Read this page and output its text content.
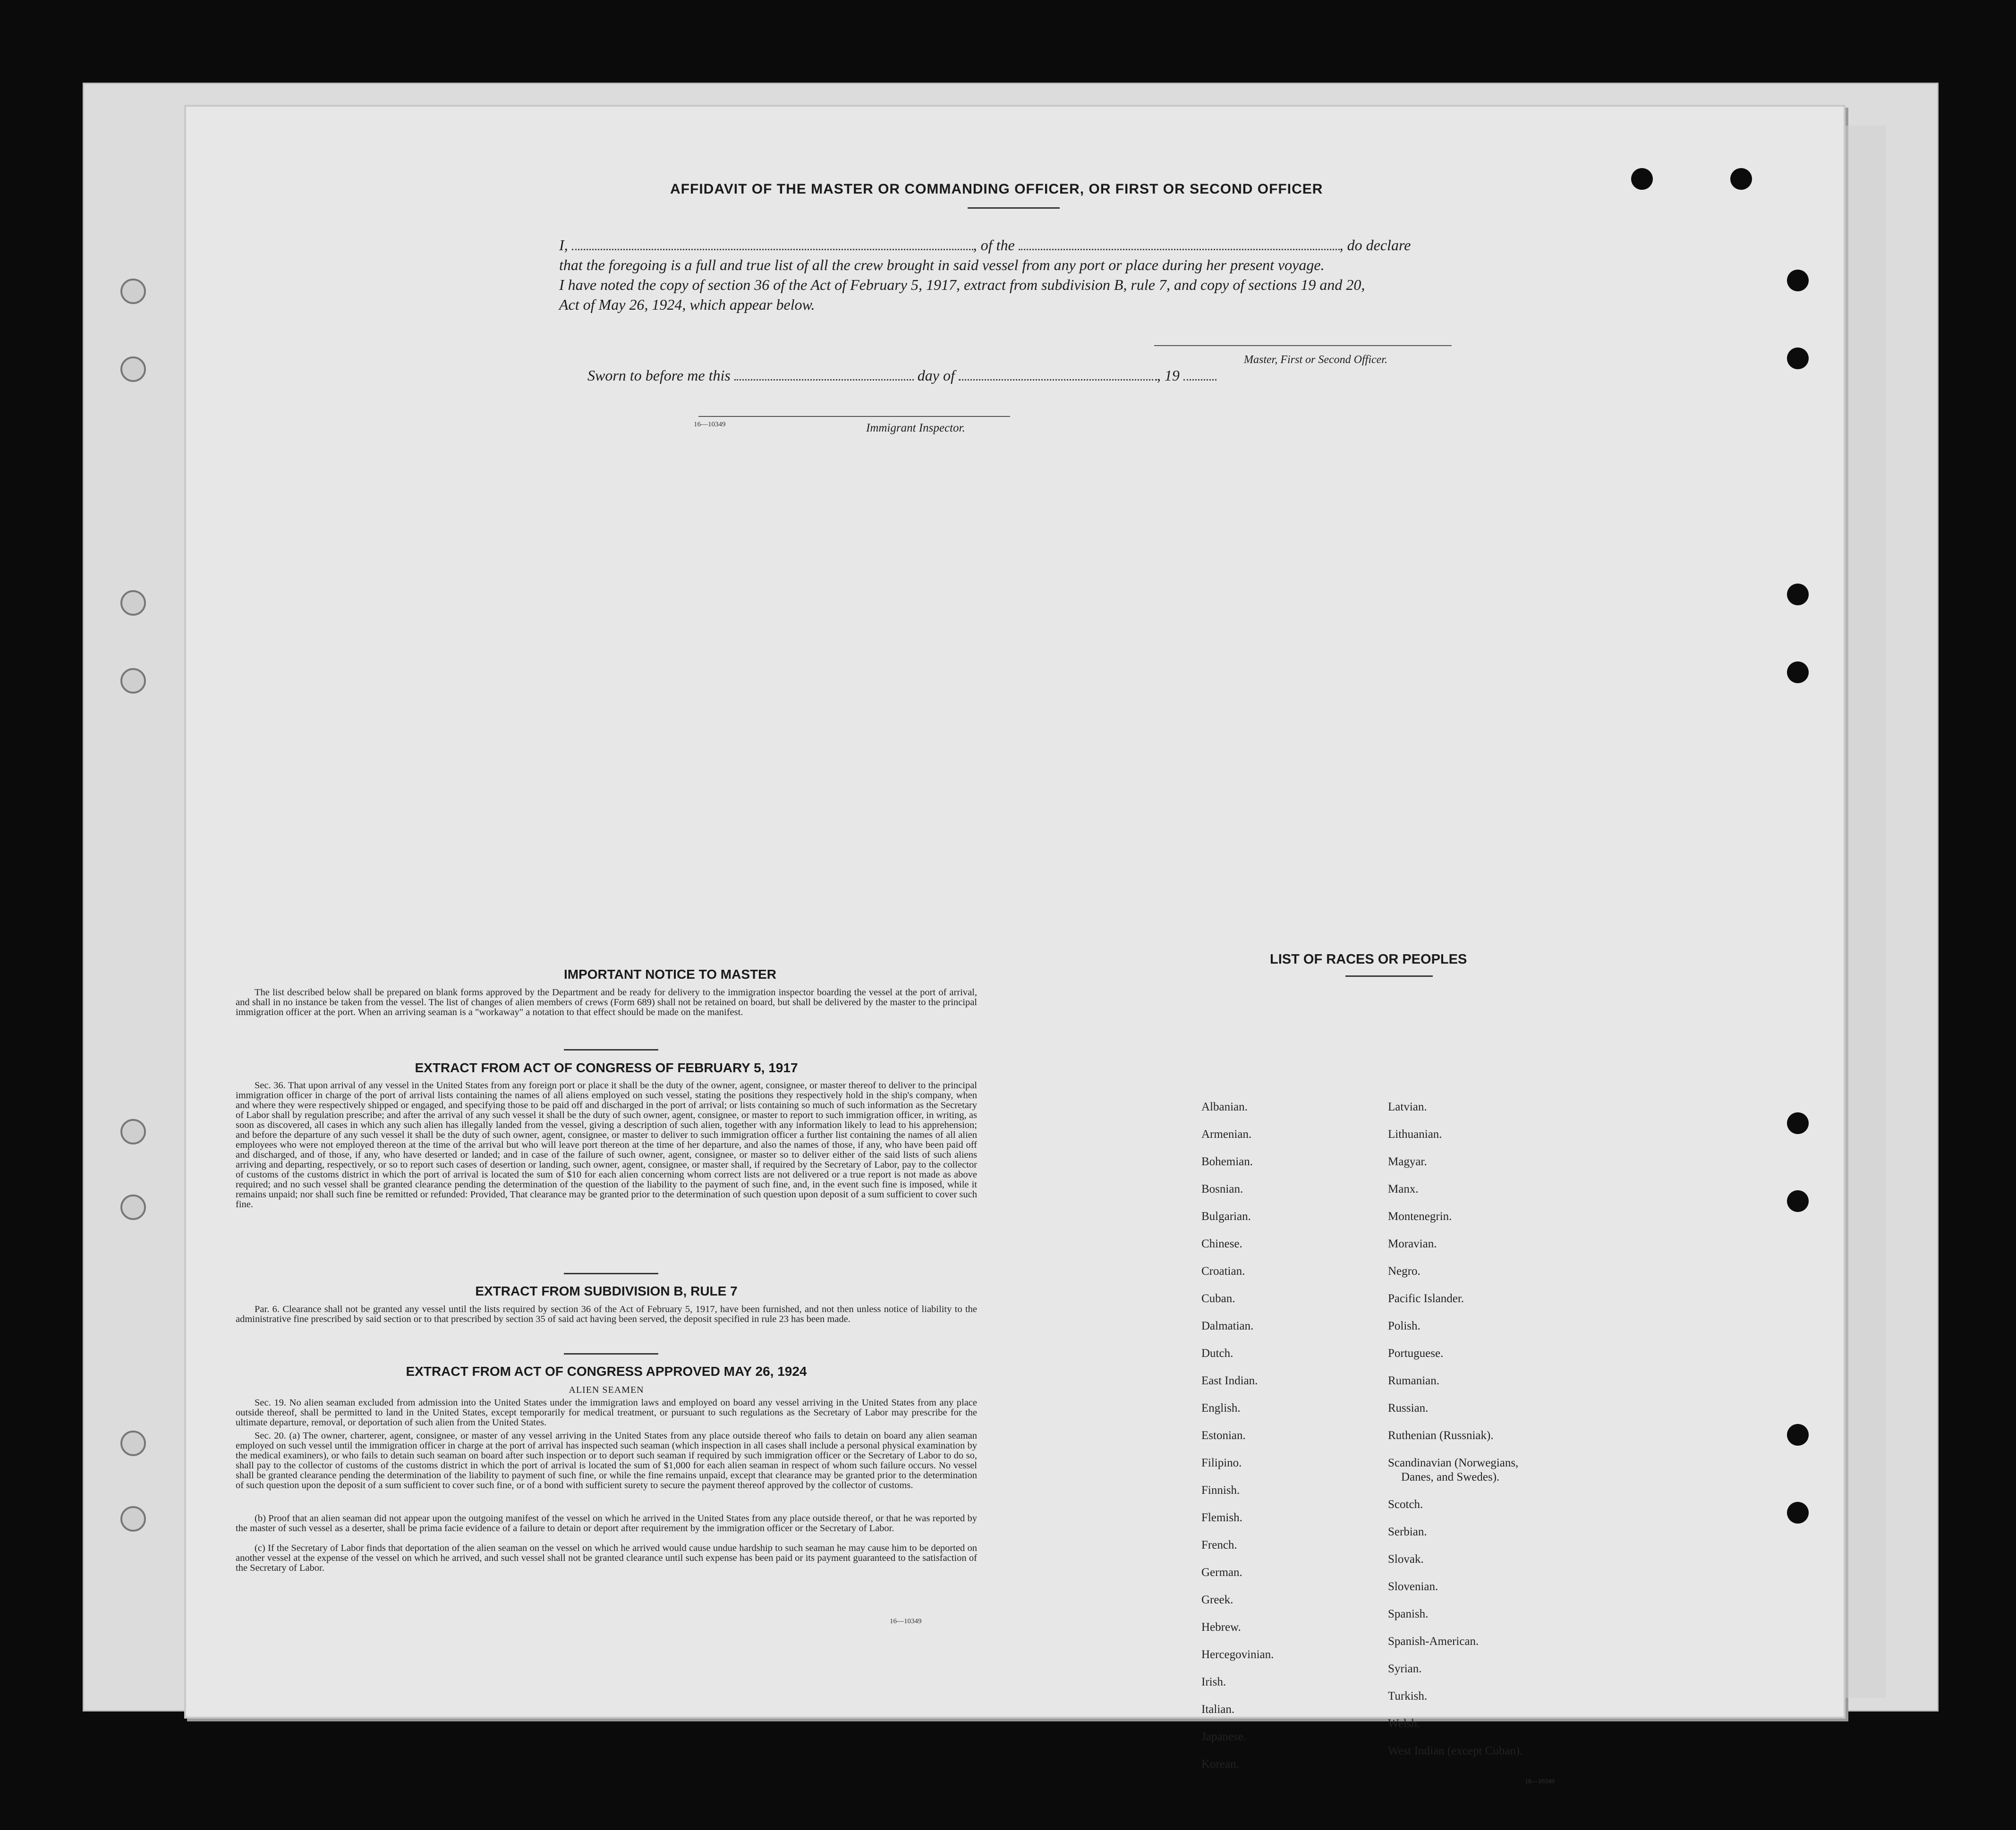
AFFIDAVIT OF THE MASTER OR COMMANDING OFFICER, OR FIRST OR SECOND OFFICER
I,	, of the	, do declare
that the foregoing is a full and true list of all the crew brought in said vessel from any port or place during her present voyage.
I have noted the copy of section 36 of the Act of February 5, 1917, extract from subdivision B, rule 7, and copy of sections 19 and 20,
Act of May 26, 1924, which appear below.
Master, First or Second Officer.
Sworn to before me this	day of	, 19
16—10349	Immigrant Inspector.
IMPORTANT NOTICE TO MASTER
The list described below shall be prepared on blank forms approved by the Department and be ready for delivery to the immigration inspector boarding the vessel at the port of arrival, and shall in no instance be taken from the vessel. The list of changes of alien members of crews (Form 689) shall not be retained on board, but shall be delivered by the master to the principal immigration officer at the port. When an arriving seaman is a "workaway" a notation to that effect should be made on the manifest.
EXTRACT FROM ACT OF CONGRESS OF FEBRUARY 5, 1917
Sec. 36. That upon arrival of any vessel in the United States from any foreign port or place it shall be the duty of the owner, agent, consignee, or master thereof to deliver to the principal immigration officer in charge of the port of arrival lists containing the names of all aliens employed on such vessel, stating the positions they respectively hold in the ship's company, when and where they were respectively shipped or engaged, and specifying those to be paid off and discharged in the port of arrival; or lists containing so much of such information as the Secretary of Labor shall by regulation prescribe; and after the arrival of any such vessel it shall be the duty of such owner, agent, consignee, or master to report to such immigration officer, in writing, as soon as discovered, all cases in which any such alien has illegally landed from the vessel, giving a description of such alien, together with any information likely to lead to his apprehension; and before the departure of any such vessel it shall be the duty of such owner, agent, consignee, or master to deliver to such immigration officer a further list containing the names of all alien employees who were not employed thereon at the time of the arrival but who will leave port thereon at the time of her departure, and also the names of those, if any, who have been paid off and discharged, and of those, if any, who have deserted or landed; and in case of the failure of such owner, agent, consignee, or master so to deliver either of the said lists of such aliens arriving and departing, respectively, or so to report such cases of desertion or landing, such owner, agent, consignee, or master shall, if required by the Secretary of Labor, pay to the collector of customs of the customs district in which the port of arrival is located the sum of $10 for each alien concerning whom correct lists are not delivered or a true report is not made as above required; and no such vessel shall be granted clearance pending the determination of the question of the liability to the payment of such fine, and, in the event such fine is imposed, while it remains unpaid; nor shall such fine be remitted or refunded: Provided, That clearance may be granted prior to the determination of such question upon deposit of a sum sufficient to cover such fine.
EXTRACT FROM SUBDIVISION B, RULE 7
Par. 6. Clearance shall not be granted any vessel until the lists required by section 36 of the Act of February 5, 1917, have been furnished, and not then unless notice of liability to the administrative fine prescribed by said section or to that prescribed by section 35 of said act having been served, the deposit specified in rule 23 has been made.
EXTRACT FROM ACT OF CONGRESS APPROVED MAY 26, 1924
ALIEN SEAMEN
Sec. 19. No alien seaman excluded from admission into the United States under the immigration laws and employed on board any vessel arriving in the United States from any place outside thereof, shall be permitted to land in the United States, except temporarily for medical treatment, or pursuant to such regulations as the Secretary of Labor may prescribe for the ultimate departure, removal, or deportation of such alien from the United States.
Sec. 20. (a) The owner, charterer, agent, consignee, or master of any vessel arriving in the United States from any place outside thereof who fails to detain on board any alien seaman employed on such vessel until the immigration officer in charge at the port of arrival has inspected such seaman (which inspection in all cases shall include a personal physical examination by the medical examiners), or who fails to detain such seaman on board after such inspection or to deport such seaman if required by such immigration officer or the Secretary of Labor to do so, shall pay to the collector of customs of the customs district in which the port of arrival is located the sum of $1,000 for each alien seaman in respect of whom such failure occurs. No vessel shall be granted clearance pending the determination of the liability to payment of such fine, or while the fine remains unpaid, except that clearance may be granted prior to the determination of such question upon the deposit of a sum sufficient to cover such fine, or of a bond with sufficient surety to secure the payment thereof approved by the collector of customs.
(b) Proof that an alien seaman did not appear upon the outgoing manifest of the vessel on which he arrived in the United States from any place outside thereof, or that he was reported by the master of such vessel as a deserter, shall be prima facie evidence of a failure to detain or deport after requirement by the immigration officer or the Secretary of Labor.
(c) If the Secretary of Labor finds that deportation of the alien seaman on the vessel on which he arrived would cause undue hardship to such seaman he may cause him to be deported on another vessel at the expense of the vessel on which he arrived, and such vessel shall not be granted clearance until such expense has been paid or its payment guaranteed to the satisfaction of the Secretary of Labor.
16—10349
LIST OF RACES OR PEOPLES
Albanian.
Armenian.
Bohemian.
Bosnian.
Bulgarian.
Chinese.
Croatian.
Cuban.
Dalmatian.
Dutch.
East Indian.
English.
Estonian.
Filipino.
Finnish.
Flemish.
French.
German.
Greek.
Hebrew.
Hercegovinian.
Irish.
Italian.
Japanese.
Korean.
Latvian.
Lithuanian.
Magyar.
Manx.
Montenegrin.
Moravian.
Negro.
Pacific Islander.
Polish.
Portuguese.
Rumanian.
Russian.
Ruthenian (Russniak).
Scandinavian (Norwegians,
Danes, and Swedes).
Scotch.
Serbian.
Slovak.
Slovenian.
Spanish.
Spanish-American.
Syrian.
Turkish.
Welsh.
West Indian (except Cuban).
16—10349
